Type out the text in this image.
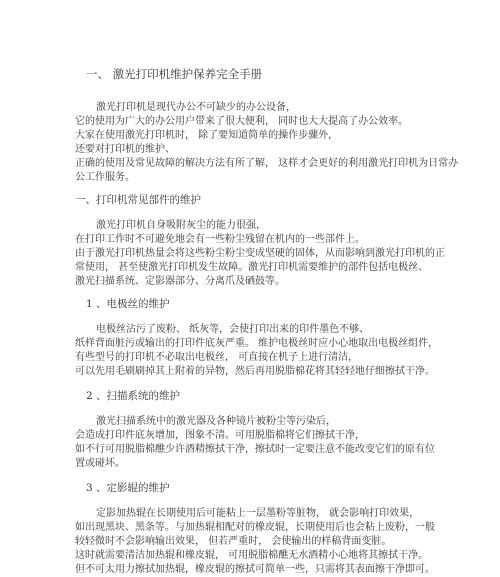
一、 激光打印机维护保养完全手册
激光打印机是现代办公不可缺少的办公设备，
它的使用为广大的办公用户带来了很大便利， 同时也大大提高了办公效率。
大家在使用激光打印机时， 除了要知道简单的操作步骤外，
还要对打印机的维护、
正确的使用及常见故障的解决方法有所了解， 这样才会更好的利用激光打印机为日常办
公工作服务。
一、打印机常见部件的维护
激光打印机自身吸附灰尘的能力很强，
在打印工作时不可避免地会有一些粉尘残留在机内的一些部件上。
由于激光打印机热量会将这些粉尘粉尘变成坚硬的固体，从而影响到激光打印机的正
常使用， 甚至使激光打印机发生故障。激光打印机需要维护的部件包括电极丝、
激光扫描系统、定影器部分、分离爪及硒鼓等。
1 、电极丝的维护
电极丝沾污了废粉、 纸灰等，会使打印出来的印件墨色不够、
纸样背面脏污或输出的打印件底灰严重。 维护电极丝时应小心地取出电极丝组件，
有些型号的打印机不必取出电极丝， 可直接在机子上进行清洁，
可以先用毛刷刷掉其上附着的异物，然后再用脱脂棉花将其轻轻地仔细擦拭干净。
2 、扫描系统的维护
激光扫描系统中的激光器及各种镜片被粉尘等污染后，
会造成打印件底灰增加，图象不清。可用脱脂棉将它们擦拭干净，
如不行可用脱脂棉醮少许酒精擦拭干净，擦拭时一定要注意不能改变它们的原有位
置或碰坏。
3 、定影辊的维护
定影加热辊在长期使用后可能粘上一层墨粉等脏物， 就会影响打印效果，
如出现黑块、黑条等。与加热辊相配对的橡皮辊，长期使用后也会粘上废粉，一般
较轻微时不会影响输出效果， 但若严重时， 会使输出的样稿背面变脏。
这时就需要清洁加热辊和橡皮辊， 可用脱脂棉醮无水酒精小心地将其擦拭干净。
但不可太用力擦拭加热辊，橡皮辊的擦拭可简单一些，只需将其表面擦干净即可。
